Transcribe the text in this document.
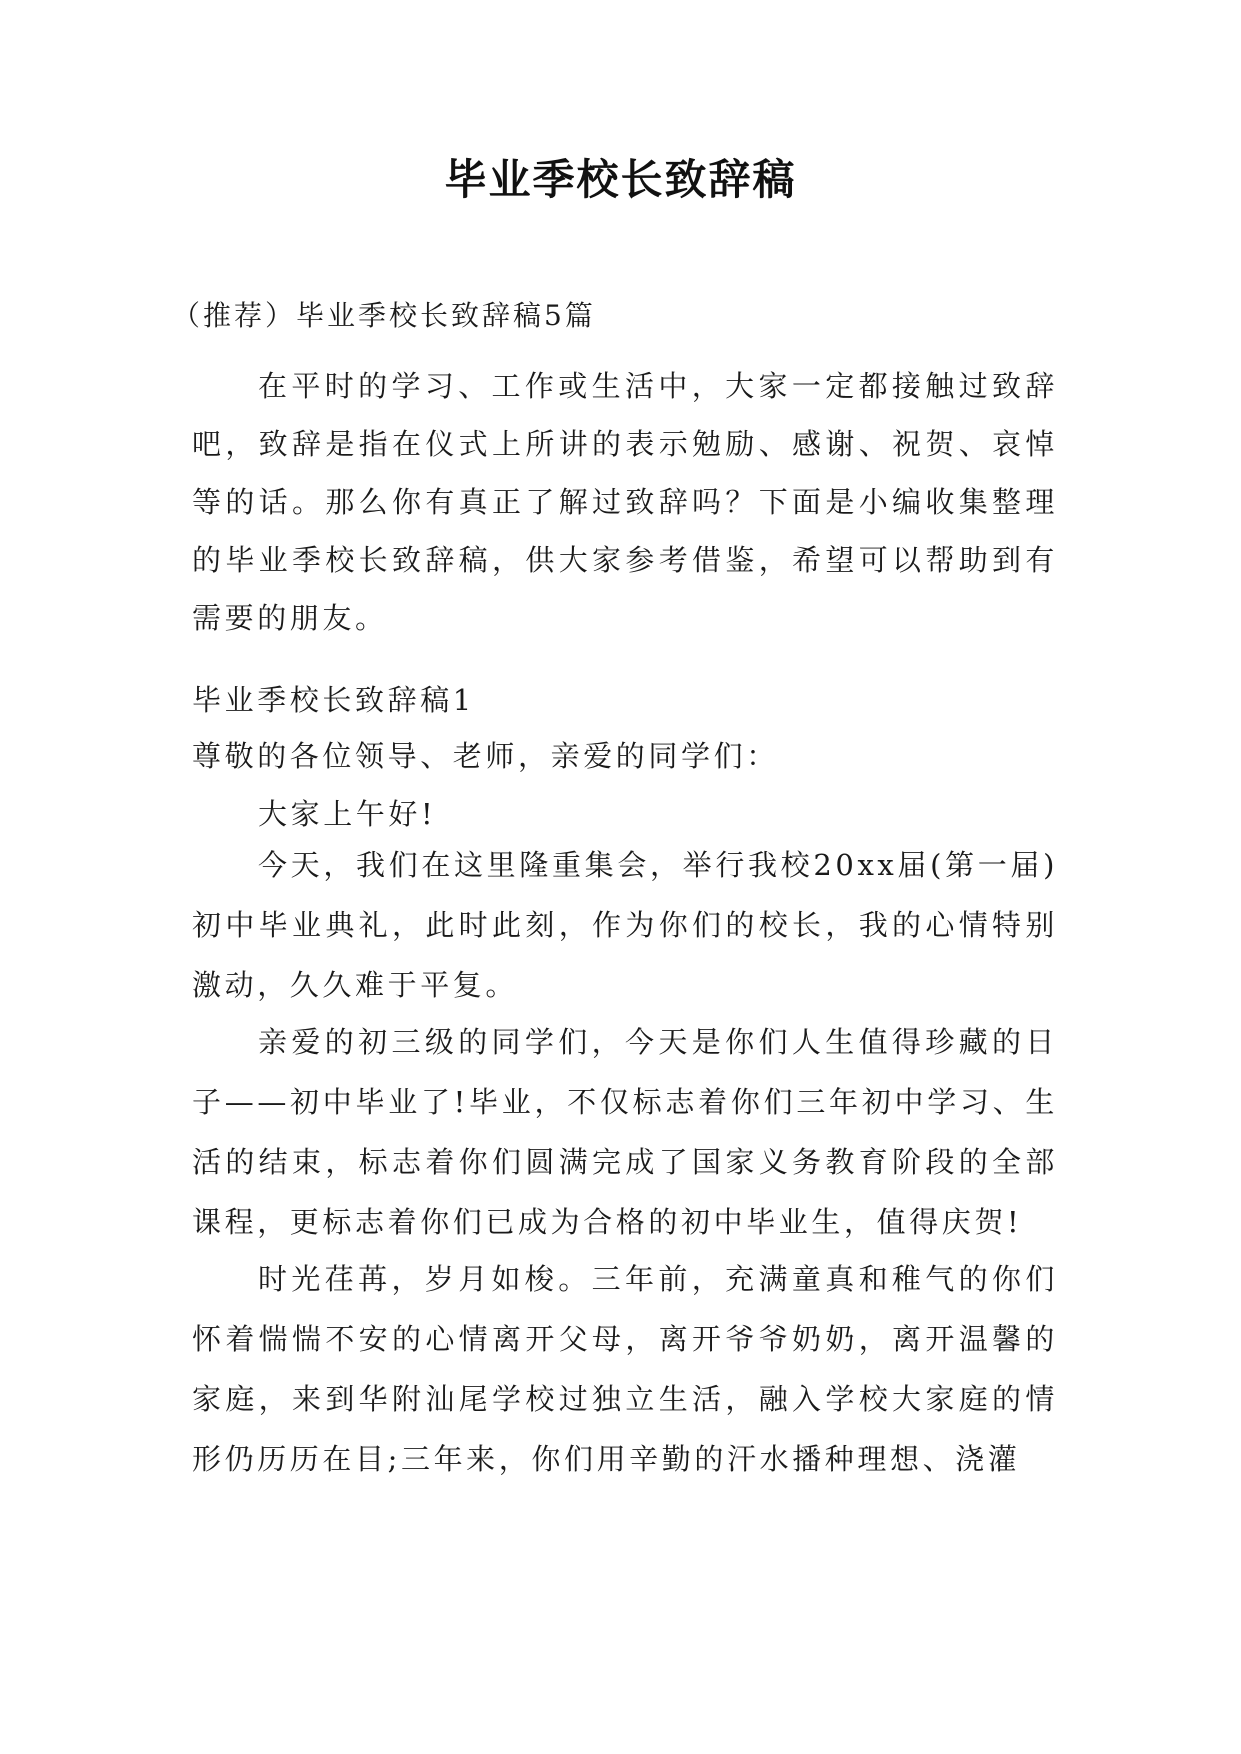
毕业季校长致辞稿
（推荐）毕业季校长致辞稿5篇
在平时的学习、工作或生活中，大家一定都接触过致辞吧，致辞是指在仪式上所讲的表示勉励、感谢、祝贺、哀悼等的话。那么你有真正了解过致辞吗？下面是小编收集整理的毕业季校长致辞稿，供大家参考借鉴，希望可以帮助到有需要的朋友。
毕业季校长致辞稿1
尊敬的各位领导、老师，亲爱的同学们：
大家上午好!
今天，我们在这里隆重集会，举行我校20xx届(第一届)初中毕业典礼，此时此刻，作为你们的校长，我的心情特别激动，久久难于平复。
亲爱的初三级的同学们，今天是你们人生值得珍藏的日子——初中毕业了!毕业，不仅标志着你们三年初中学习、生活的结束，标志着你们圆满完成了国家义务教育阶段的全部课程，更标志着你们已成为合格的初中毕业生，值得庆贺!
时光荏苒，岁月如梭。三年前，充满童真和稚气的你们怀着惴惴不安的心情离开父母，离开爷爷奶奶，离开温馨的家庭，来到华附汕尾学校过独立生活，融入学校大家庭的情形仍历历在目;三年来，你们用辛勤的汗水播种理想、浇灌
